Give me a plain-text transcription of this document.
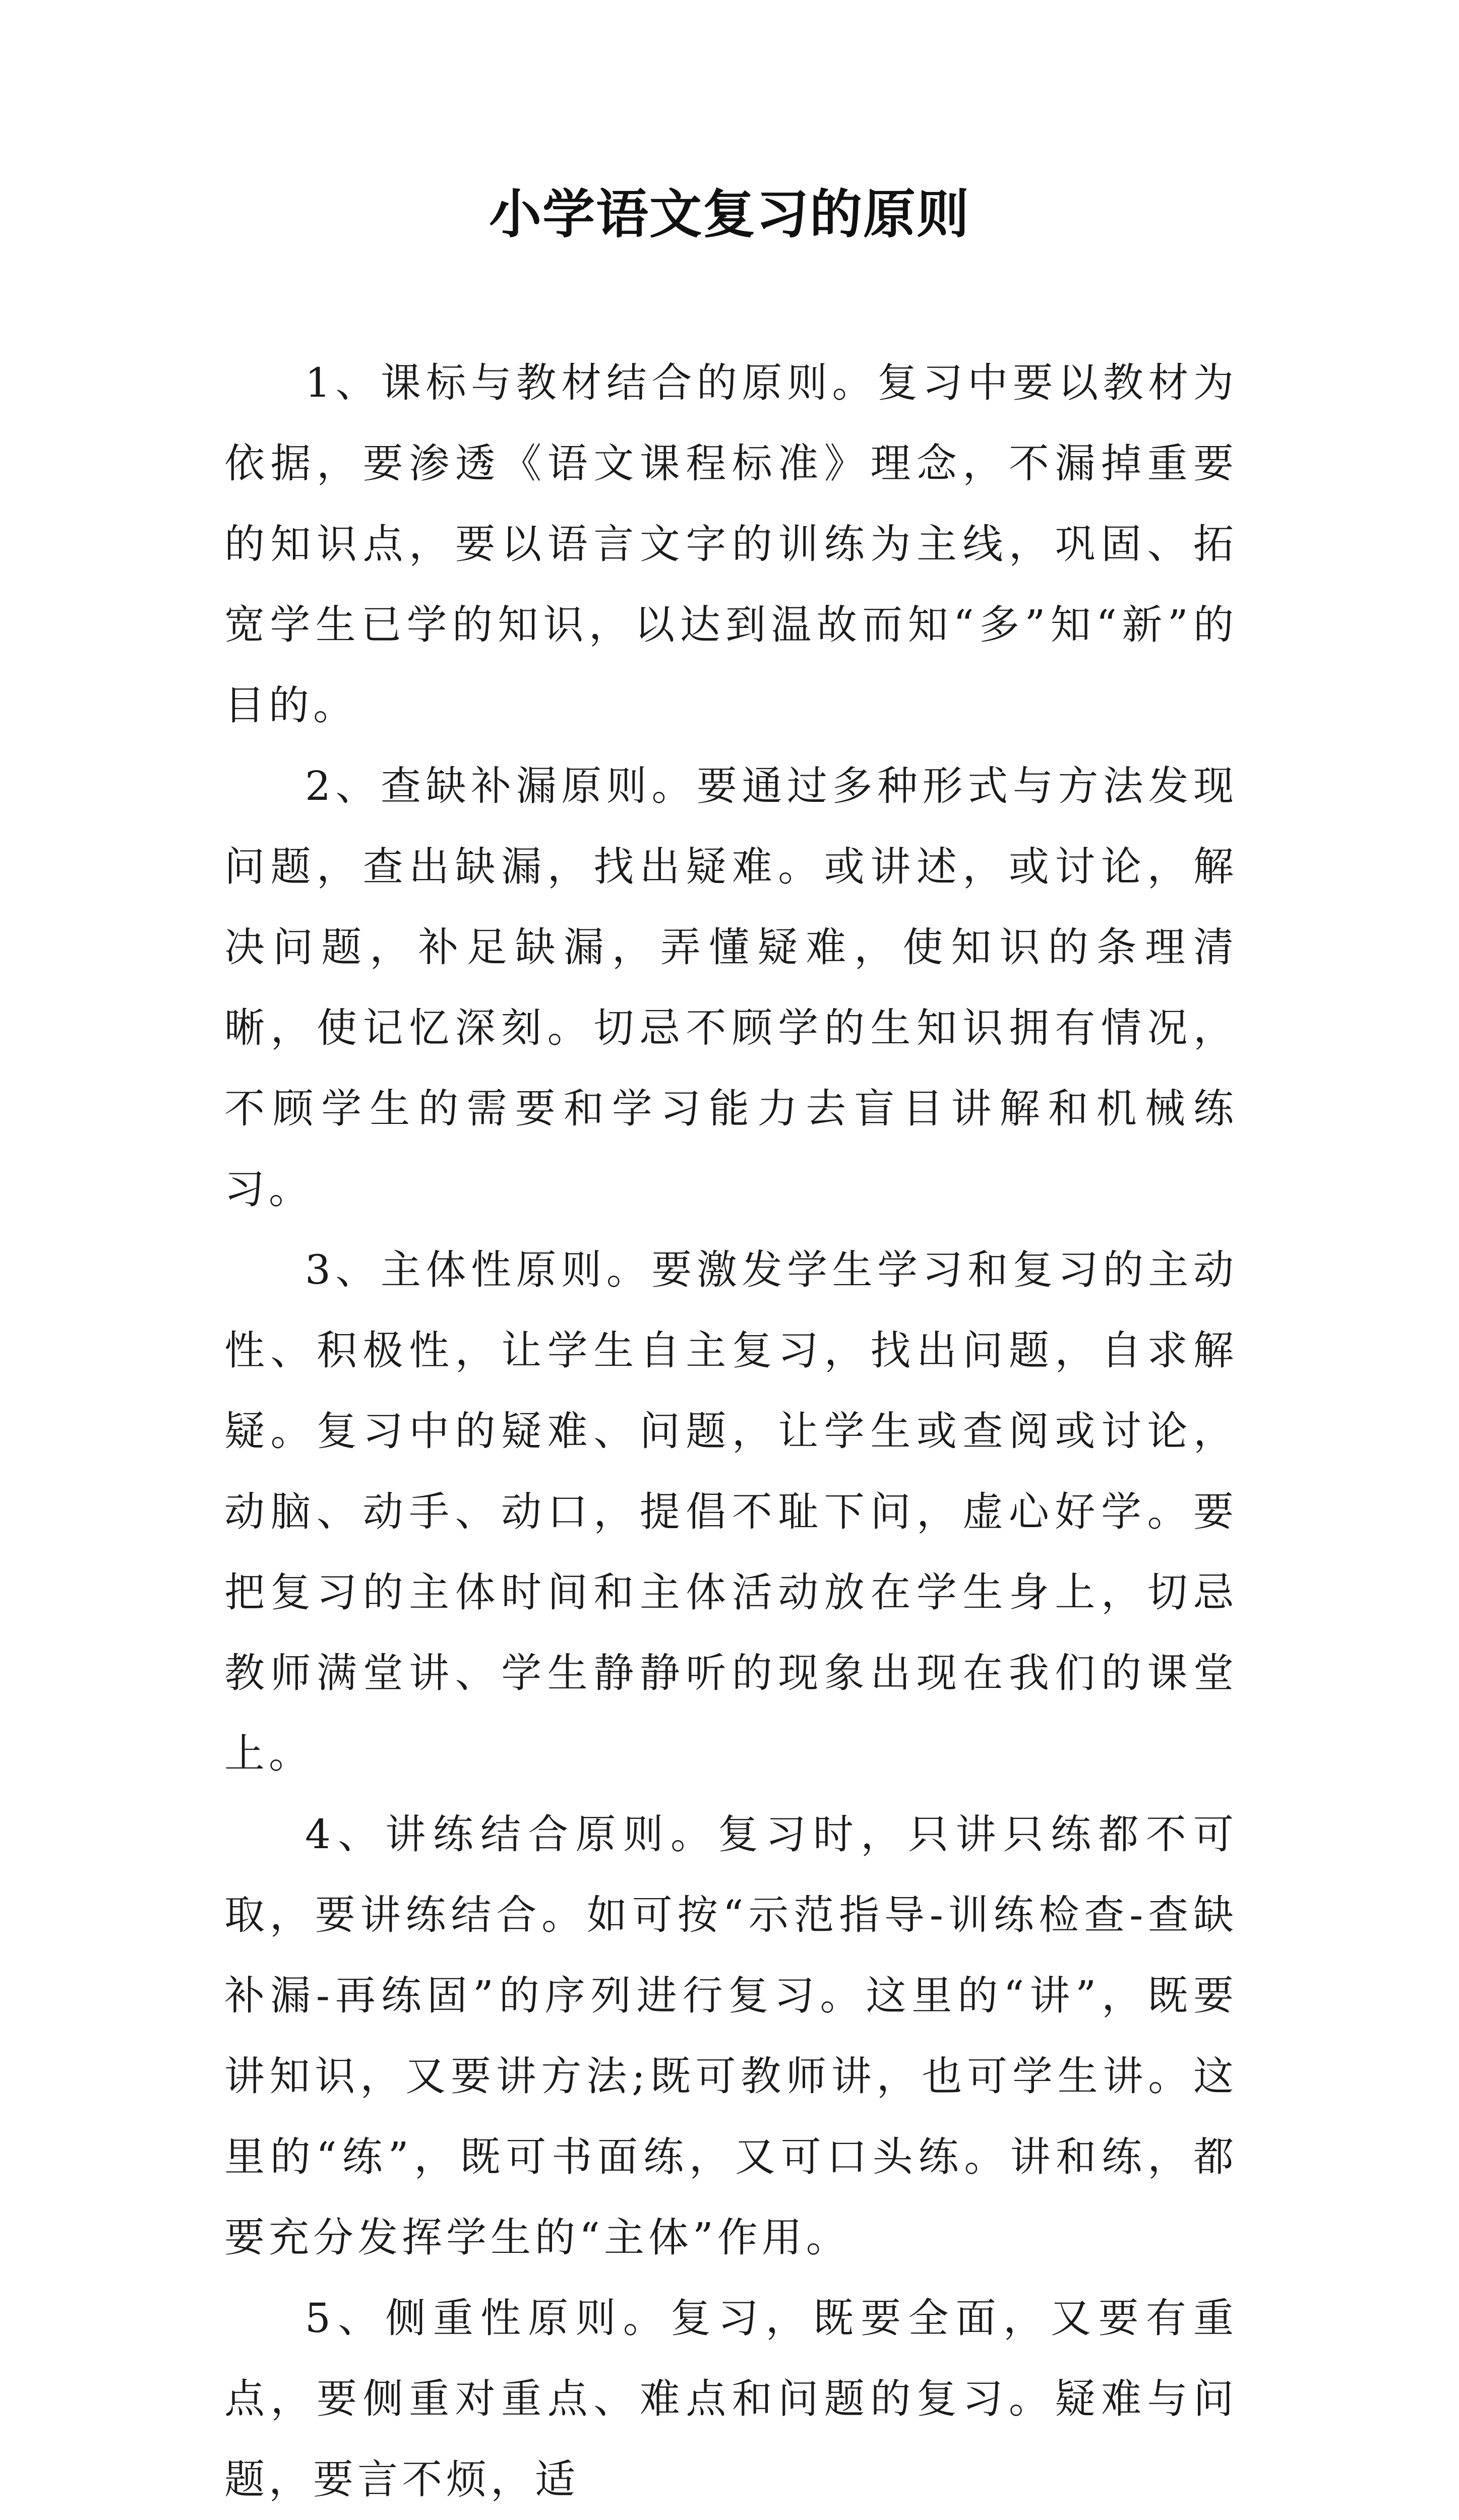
小学语文复习的原则

1、课标与教材结合的原则。复习中要以教材为依据，要渗透《语文课程标准》理念，不漏掉重要的知识点，要以语言文字的训练为主线，巩固、拓宽学生已学的知识，以达到温故而知“多”知“新”的目的。

2、查缺补漏原则。要通过多种形式与方法发现问题，查出缺漏，找出疑难。或讲述，或讨论，解决问题，补足缺漏，弄懂疑难，使知识的条理清晰，使记忆深刻。切忌不顾学的生知识拥有情况，不顾学生的需要和学习能力去盲目讲解和机械练习。

3、主体性原则。要激发学生学习和复习的主动性、积极性，让学生自主复习，找出问题，自求解疑。复习中的疑难、问题，让学生或查阅或讨论，动脑、动手、动口，提倡不耻下问，虚心好学。要把复习的主体时间和主体活动放在学生身上，切忌教师满堂讲、学生静静听的现象出现在我们的课堂上。

4、讲练结合原则。复习时，只讲只练都不可取，要讲练结合。如可按“示范指导-训练检查-查缺补漏-再练固”的序列进行复习。这里的“讲”，既要讲知识，又要讲方法;既可教师讲，也可学生讲。这里的“练”，既可书面练，又可口头练。讲和练，都要充分发挥学生的“主体”作用。

5、侧重性原则。复习，既要全面，又要有重点，要侧重对重点、难点和问题的复习。疑难与问题，要言不烦，适
